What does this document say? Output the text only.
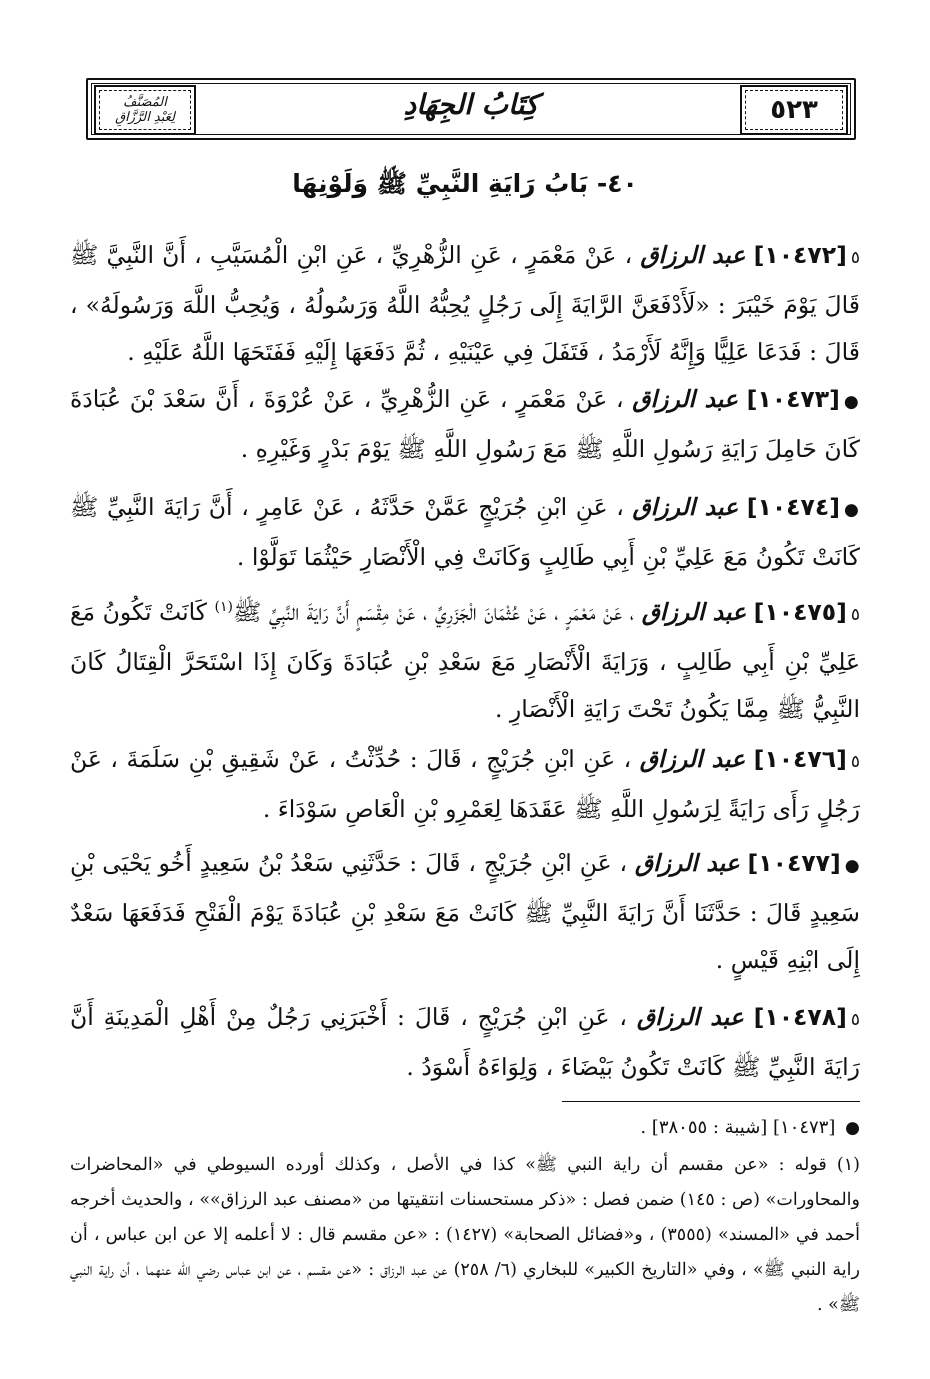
٥٢٣
كِتَابُ الجِهَادِ
المُصَنَّفُ
لِعَبْدِ الرَّزَّاقِ
٤٠- بَابُ رَايَةِ النَّبِيِّ ﷺ وَلَوْنِهَا
٥[١٠٤٧٢] عبد الرزاق ، عَنْ مَعْمَرٍ ، عَنِ الزُّهْرِيِّ ، عَنِ ابْنِ الْمُسَيَّبِ ، أَنَّ النَّبِيَّ ﷺ قَالَ يَوْمَ خَيْبَرَ : «لَأَدْفَعَنَّ الرَّايَةَ إِلَى رَجُلٍ يُحِبُّهُ اللَّهُ وَرَسُولُهُ ، وَيُحِبُّ اللَّهَ وَرَسُولَهُ» ، قَالَ : فَدَعَا عَلِيًّا وَإِنَّهُ لَأَرْمَدُ ، فَتَفَلَ فِي عَيْنَيْهِ ، ثُمَّ دَفَعَهَا إِلَيْهِ فَفَتَحَهَا اللَّهُ عَلَيْهِ .
●[١٠٤٧٣] عبد الرزاق ، عَنْ مَعْمَرٍ ، عَنِ الزُّهْرِيِّ ، عَنْ عُرْوَةَ ، أَنَّ سَعْدَ بْنَ عُبَادَةَ كَانَ حَامِلَ رَايَةِ رَسُولِ اللَّهِ ﷺ مَعَ رَسُولِ اللَّهِ ﷺ يَوْمَ بَدْرٍ وَغَيْرِهِ .
●[١٠٤٧٤] عبد الرزاق ، عَنِ ابْنِ جُرَيْجٍ عَمَّنْ حَدَّثَهُ ، عَنْ عَامِرٍ ، أَنَّ رَايَةَ النَّبِيِّ ﷺ كَانَتْ تَكُونُ مَعَ عَلِيِّ بْنِ أَبِي طَالِبٍ وَكَانَتْ فِي الْأَنْصَارِ حَيْثُمَا تَوَلَّوْا .
٥[١٠٤٧٥] عبد الرزاق ، عَنْ مَعْمَرٍ ، عَنْ عُثْمَانَ الْجَزَرِيِّ ، عَنْ مِقْسَمٍ أَنَّ رَايَةَ النَّبِيِّ ﷺ$^{(١)}$ كَانَتْ تَكُونُ مَعَ عَلِيِّ بْنِ أَبِي طَالِبٍ ، وَرَايَةَ الْأَنْصَارِ مَعَ سَعْدِ بْنِ عُبَادَةَ وَكَانَ إِذَا اسْتَحَرَّ الْقِتَالُ كَانَ النَّبِيُّ ﷺ مِمَّا يَكُونُ تَحْتَ رَايَةِ الْأَنْصَارِ .
٥[١٠٤٧٦] عبد الرزاق ، عَنِ ابْنِ جُرَيْجٍ ، قَالَ : حُدِّثْتُ ، عَنْ شَقِيقِ بْنِ سَلَمَةَ ، عَنْ رَجُلٍ رَأَى رَايَةً لِرَسُولِ اللَّهِ ﷺ عَقَدَهَا لِعَمْرِو بْنِ الْعَاصِ سَوْدَاءَ .
●[١٠٤٧٧] عبد الرزاق ، عَنِ ابْنِ جُرَيْجٍ ، قَالَ : حَدَّثَنِي سَعْدُ بْنُ سَعِيدٍ أَخُو يَحْيَى بْنِ سَعِيدٍ قَالَ : حَدَّثَنَا أَنَّ رَايَةَ النَّبِيِّ ﷺ كَانَتْ مَعَ سَعْدِ بْنِ عُبَادَةَ يَوْمَ الْفَتْحِ فَدَفَعَهَا سَعْدٌ إِلَى ابْنِهِ قَيْسٍ .
٥[١٠٤٧٨] عبد الرزاق ، عَنِ ابْنِ جُرَيْجٍ ، قَالَ : أَخْبَرَنِي رَجُلٌ مِنْ أَهْلِ الْمَدِينَةِ أَنَّ رَايَةَ النَّبِيِّ ﷺ كَانَتْ تَكُونُ بَيْضَاءَ ، وَلِوَاءَهُ أَسْوَدُ .
● [١٠٤٧٣] [شيبة : ٣٨٠٥٥] .
(١) قوله : «عن مقسم أن راية النبي ﷺ» كذا في الأصل ، وكذلك أورده السيوطي في «المحاضرات والمحاورات» (ص : ١٤٥) ضمن فصل : «ذكر مستحسنات انتقيتها من «مصنف عبد الرزاق»» ، والحديث أخرجه أحمد في «المسند» (٣٥٥٥) ، و«فضائل الصحابة» (١٤٢٧) : «عن مقسم قال : لا أعلمه إلا عن ابن عباس ، أن راية النبي ﷺ» ، وفي «التاريخ الكبير» للبخاري (٦/ ٢٥٨) عن عبد الرزاق : «عن مقسم ، عن ابن عباس رضي الله عنهما ، أن راية النبي ﷺ» .
